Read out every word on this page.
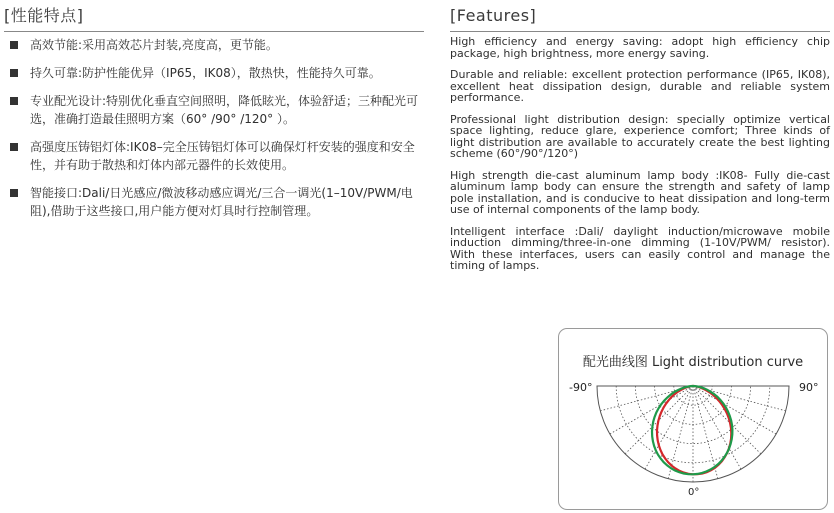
[性能特点]
高效节能:采用高效芯片封装,亮度高，更节能。
持久可靠:防护性能优异（IP65，IK08），散热快，性能持久可靠。
专业配光设计:特别优化垂直空间照明，降低眩光，体验舒适；三种配光可选，准确打造最佳照明方案（60° /90° /120° ）。
高强度压铸铝灯体:IK08–完全压铸铝灯体可以确保灯杆安装的强度和安全性，并有助于散热和灯体内部元器件的长效使用。
智能接口:Dali/日光感应/微波移动感应调光/三合一调光(1–10V/PWM/电阻),借助于这些接口,用户能方便对灯具时行控制管理。
[Features]
High efficiency and energy saving: adopt high efficiency chip package, high brightness, more energy saving.
Durable and reliable: excellent protection performance (IP65, IK08), excellent heat dissipation design, durable and reliable system performance.
Professional light distribution design: specially optimize vertical space lighting, reduce glare, experience comfort; Three kinds of light distribution are available to accurately create the best lighting scheme (60°/90°/120°)
High strength die-cast aluminum lamp body :IK08- Fully die-cast aluminum lamp body can ensure the strength and safety of lamp pole installation, and is conducive to heat dissipation and long-term use of internal components of the lamp body.
Intelligent interface :Dali/ daylight induction/microwave mobile induction dimming/three-in-one dimming (1-10V/PWM/ resistor). With these interfaces, users can easily control and manage the timing of lamps.
配光曲线图 Light distribution curve
-90°	90°
0°
